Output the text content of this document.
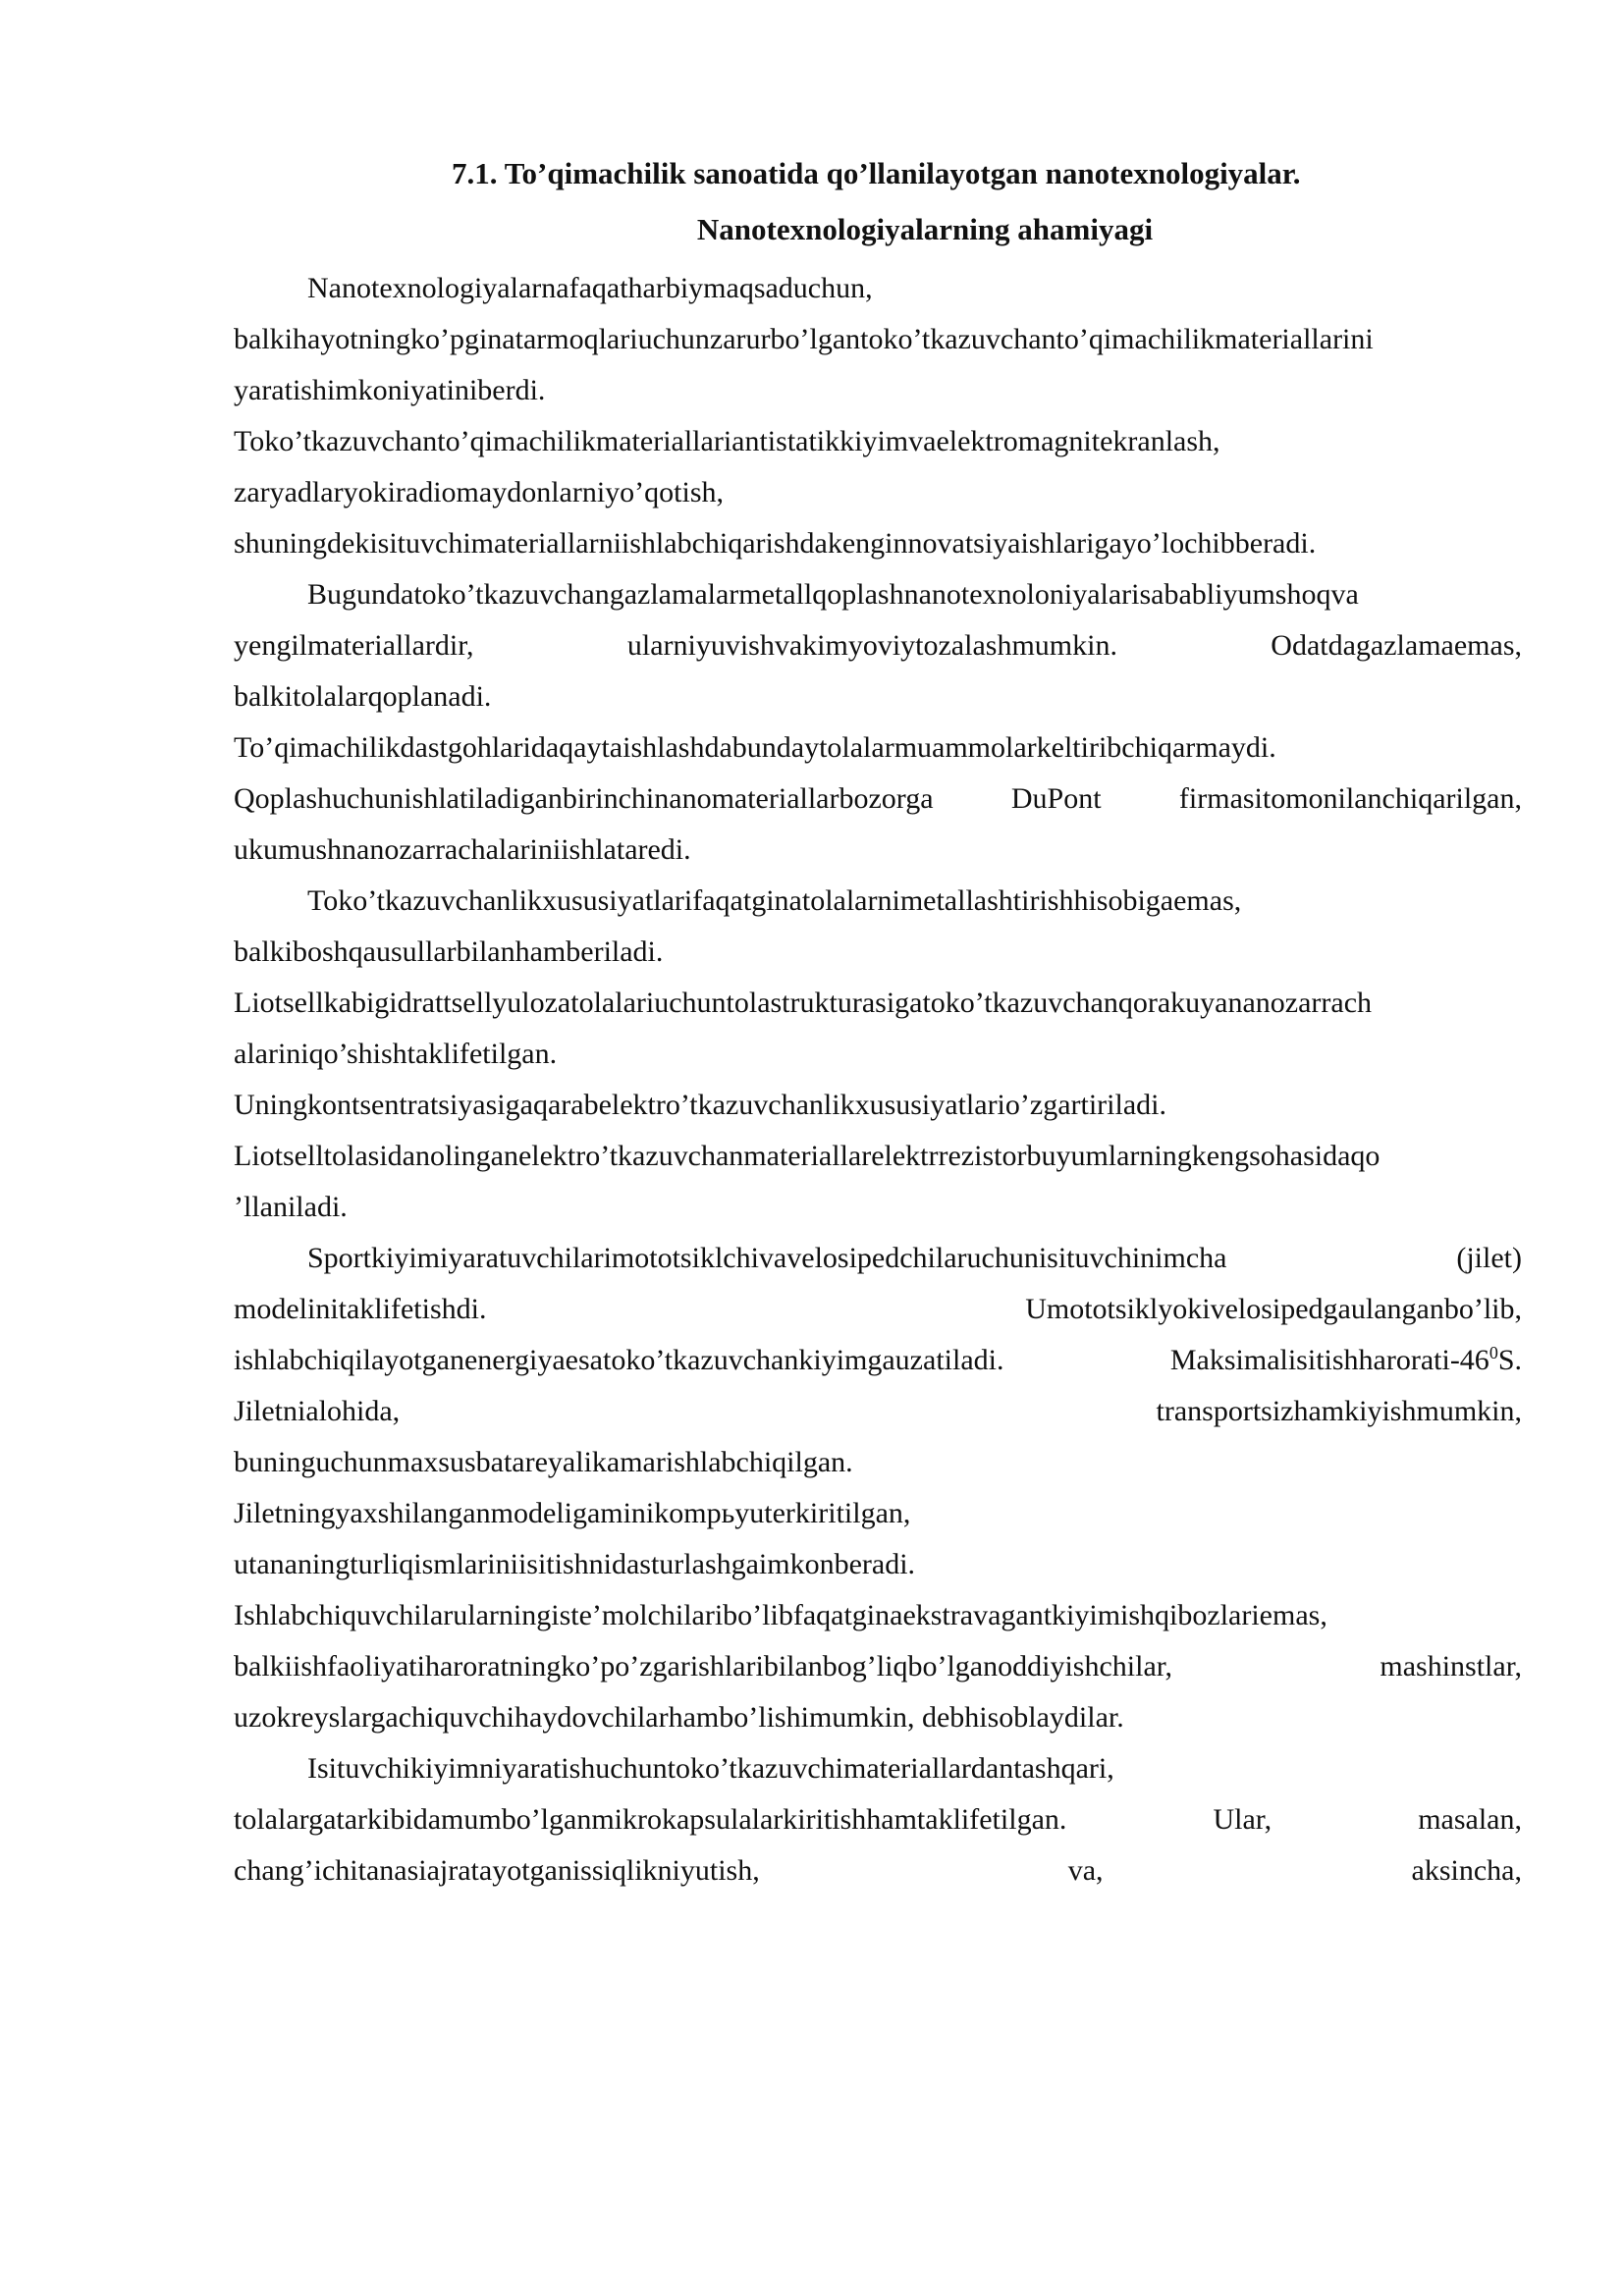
7.1. To’qimachilik sanoatida qo’llanilayotgan nanotexnologiyalar.
Nanotexnologiyalarning ahamiyagi

Nanotexnologiyalarnafaqatharbiymaqsaduchun,

balkihayotningko’pginatarmoqlariuchunzarurbo’lgantoko’tkazuvchanto’qimachilikmateriallarini

yaratishimkoniyatiniberdi.

Toko’tkazuvchanto’qimachilikmateriallariantistatikkiyimvaelektromagnitekranlash,

zaryadlaryokiradiomaydonlarniyo’qotish,

shuningdekisituvchimateriallarniishlabchiqarishdakenginnovatsiyaishlarigayo’lochibberadi.

Bugundatoko’tkazuvchangazlamalarmetallqoplashnanotexnoloniyalarisababliyumshoqva

yengilmateriallardir, ularniyuvishvakimyoviytozalashmumkin. Odatdagazlamaemas,

balkitolalarqoplanadi.

To’qimachilikdastgohlaridaqaytaishlashdabundaytolalarmuammolarkeltiribchiqarmaydi.

Qoplashuchunishlatiladiganbirinchinanomateriallarbozorga DuPont firmasitomonilanchiqarilgan,

ukumushnanozarrachalariniishlataredi.

Toko’tkazuvchanlikxususiyatlarifaqatginatolalarnimetallashtirishhisobigaemas,

balkiboshqausullarbilanhamberiladi.

Liotsellkabigidrattsellyulozatolalariuchuntolastrukturasigatoko’tkazuvchanqorakuyananozarrach

alariniqo’shishtaklifetilgan.

Uningkontsentratsiyasigaqarabelektro’tkazuvchanlikxususiyatlario’zgartiriladi.

Liotselltolasidanolinganelektro’tkazuvchanmateriallarelektrrezistorbuyumlarningkengsohasidaqo

’llaniladi.

Sportkiyimiyaratuvchilarimototsiklchivavelosipedchilaruchunisituvchinimcha (jilet)

modelinitaklifetishdi. Umototsiklyokivelosipedgaulanganbo’lib,

ishlabchiqilayotganenergiyaesatoko’tkazuvchankiyimgauzatiladi. Maksimalisitishharorati-$46^0S$.

Jiletnialohida, transportsizhamkiyishmumkin,

buninguchunmaxsusbatareyalikamarishlabchiqilgan.

Jiletningyaxshilanganmodeligaminikompьyuterkiritilgan,

utananingturliqismlariniisitishnidasturlashgaimkonberadi.

Ishlabchiquvchilarularningiste’molchilaribo’libfaqatginaekstravagantkiyimishqibozlariemas,

balkiishfaoliyatiharoratningko’po’zgarishlaribilanbog’liqbo’lganoddiyishchilar, mashinstlar,

uzokreyslargachiquvchihaydovchilarhambo’lishimumkin, debhisoblaydilar.

Isituvchikiyimniyaratishuchuntoko’tkazuvchimateriallardantashqari,

tolalargatarkibidamumbo’lganmikrokapsulalarkiritishhamtaklifetilgan. Ular, masalan,

chang’ichitanasiajratayotganissiqlikniyutish, va, aksincha,
